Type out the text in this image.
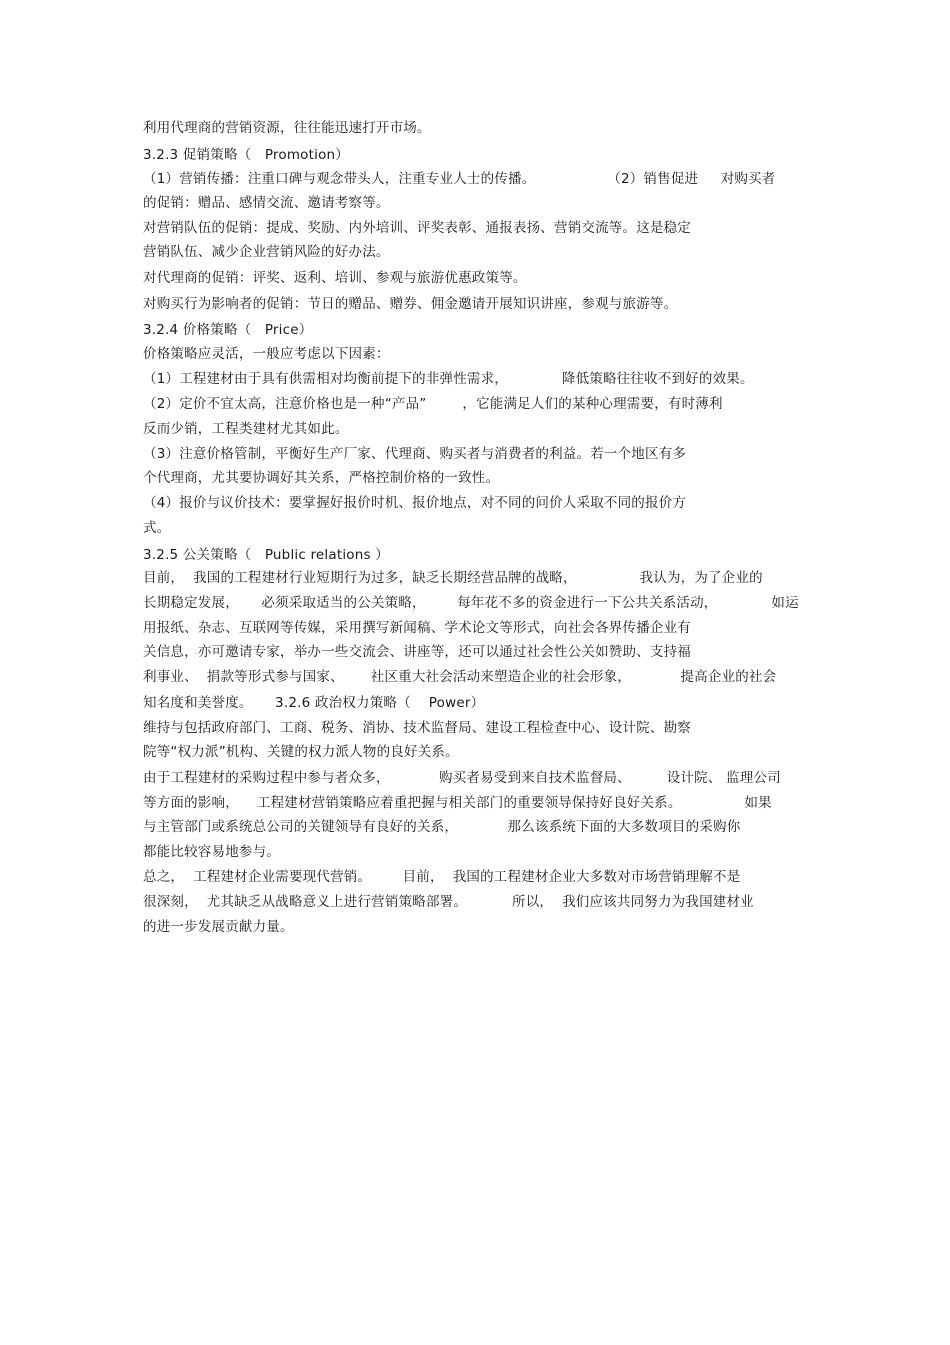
利用代理商的营销资源，往往能迅速打开市场。
3.2.3 促销策略（   Promotion）
（1）营销传播：注重口碑与观念带头人，注重专业人士的传播。                （2）销售促进     对购买者
的促销：赠品、感情交流、邀请考察等。
对营销队伍的促销：提成、奖励、内外培训、评奖表彰、通报表扬、营销交流等。这是稳定
营销队伍、减少企业营销风险的好办法。
对代理商的促销：评奖、返利、培训、参观与旅游优惠政策等。
对购买行为影响者的促销：节日的赠品、赠券、佣金邀请开展知识讲座，参观与旅游等。
3.2.4 价格策略（   Price）
价格策略应灵活，一般应考虑以下因素：
（1）工程建材由于具有供需相对均衡前提下的非弹性需求，            降低策略往往收不到好的效果。
（2）定价不宜太高，注意价格也是一种“产品”        ，它能满足人们的某种心理需要，有时薄利
反而少销，工程类建材尤其如此。
（3）注意价格管制，平衡好生产厂家、代理商、购买者与消费者的利益。若一个地区有多
个代理商，尤其要协调好其关系，严格控制价格的一致性。
（4）报价与议价技术：要掌握好报价时机、报价地点，对不同的问价人采取不同的报价方
式。
3.2.5 公关策略（   Public relations ）
目前，  我国的工程建材行业短期行为过多，缺乏长期经营品牌的战略，              我认为，为了企业的
长期稳定发展，     必须采取适当的公关策略，       每年花不多的资金进行一下公共关系活动，            如运
用报纸、杂志、互联网等传媒，采用撰写新闻稿、学术论文等形式，向社会各界传播企业有
关信息，亦可邀请专家，举办一些交流会、讲座等，还可以通过社会性公关如赞助、支持福
利事业、  捐款等形式参与国家、      社区重大社会活动来塑造企业的社会形象，           提高企业的社会
知名度和美誉度。     3.2.6 政治权力策略（    Power）
维持与包括政府部门、工商、税务、消协、技术监督局、建设工程检查中心、设计院、勘察
院等“权力派”机构、关键的权力派人物的良好关系。
由于工程建材的采购过程中参与者众多，           购买者易受到来自技术监督局、        设计院、 监理公司
等方面的影响，    工程建材营销策略应着重把握与相关部门的重要领导保持好良好关系。              如果
与主管部门或系统总公司的关键领导有良好的关系，           那么该系统下面的大多数项目的采购你
都能比较容易地参与。
总之，  工程建材企业需要现代营销。       目前，  我国的工程建材企业大多数对市场营销理解不是
很深刻，  尤其缺乏从战略意义上进行营销策略部署。          所以，  我们应该共同努力为我国建材业
的进一步发展贡献力量。
